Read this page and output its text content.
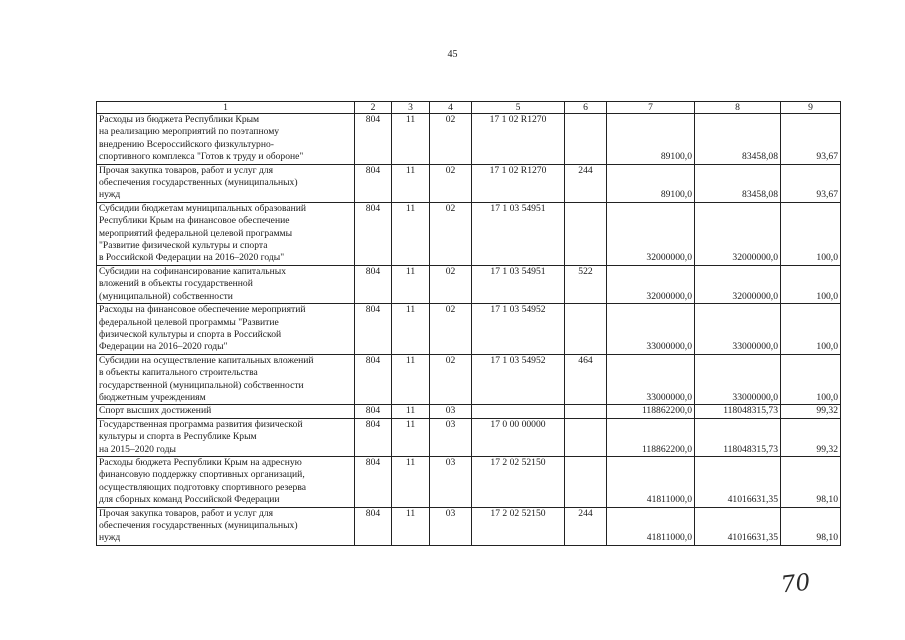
45
1	2	3	4	5	6	7	8	9

Расходы из бюджета Республики Крым
на реализацию мероприятий по поэтапному
внедрению Всероссийского физкультурно-
спортивного комплекса "Готов к труду и обороне"	804	11	02	17 1 02 R1270		89100,0	83458,08	93,67

Прочая закупка товаров, работ и услуг для
обеспечения государственных (муниципальных)
нужд	804	11	02	17 1 02 R1270	244	89100,0	83458,08	93,67

Субсидии бюджетам муниципальных образований
Республики Крым на финансовое обеспечение
мероприятий федеральной целевой программы
"Развитие физической культуры и спорта
в Российской Федерации на 2016–2020 годы"	804	11	02	17 1 03 54951		32000000,0	32000000,0	100,0

Субсидии на софинансирование капитальных
вложений в объекты государственной
(муниципальной) собственности	804	11	02	17 1 03 54951	522	32000000,0	32000000,0	100,0

Расходы на финансовое обеспечение мероприятий
федеральной целевой программы "Развитие
физической культуры и спорта в Российской
Федерации на 2016–2020 годы"	804	11	02	17 1 03 54952		33000000,0	33000000,0	100,0

Субсидии на осуществление капитальных вложений
в объекты капитального строительства
государственной (муниципальной) собственности
бюджетным учреждениям	804	11	02	17 1 03 54952	464	33000000,0	33000000,0	100,0

Спорт высших достижений	804	11	03			118862200,0	118048315,73	99,32

Государственная программа развития физической
культуры и спорта в Республике Крым
на 2015–2020 годы	804	11	03	17 0 00 00000		118862200,0	118048315,73	99,32

Расходы бюджета Республики Крым на адресную
финансовую поддержку спортивных организаций,
осуществляющих подготовку спортивного резерва
для сборных команд Российской Федерации	804	11	03	17 2 02 52150		41811000,0	41016631,35	98,10

Прочая закупка товаров, работ и услуг для
обеспечения государственных (муниципальных)
нужд	804	11	03	17 2 02 52150	244	41811000,0	41016631,35	98,10
70
